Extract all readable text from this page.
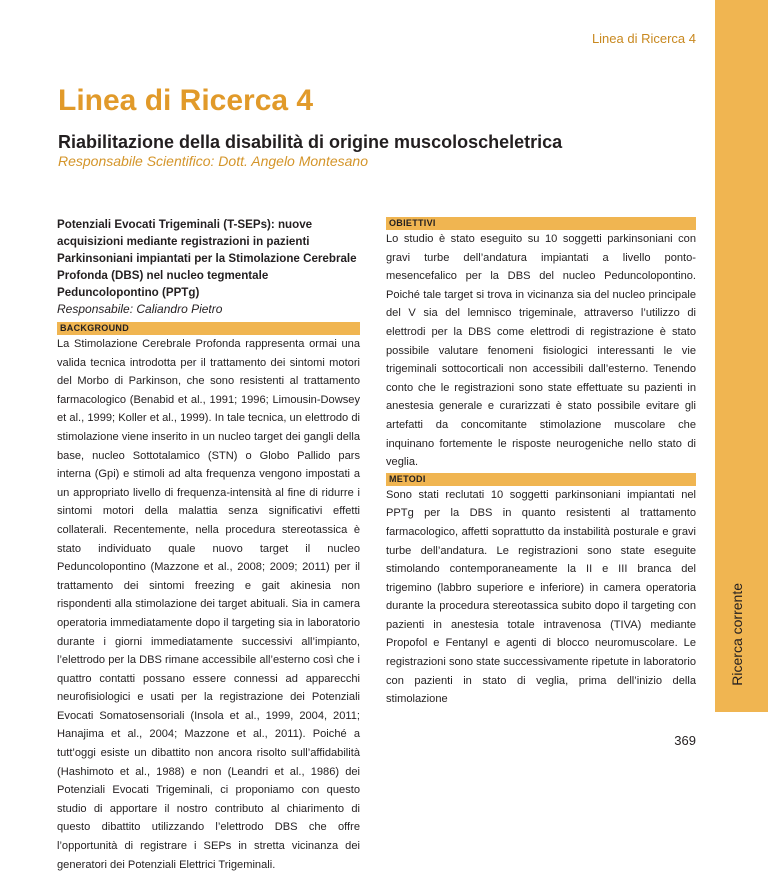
Ricerca corrente
Linea di Ricerca 4
Linea di Ricerca 4
Riabilitazione della disabilità di origine muscoloscheletrica
Responsabile Scientifico: Dott. Angelo Montesano

Potenziali Evocati Trigeminali (T-SEPs): nuove acquisizioni mediante registrazioni in pazienti Parkinsoniani impiantati per la Stimolazione Cerebrale Profonda (DBS) nel nucleo tegmentale Peduncolopontino (PPTg)

Responsabile: Caliandro Pietro

BACKGROUND

La Stimolazione Cerebrale Profonda rappresenta ormai una valida tecnica introdotta per il trattamento dei sintomi motori del Morbo di Parkinson, che sono resistenti al trattamento farmacologico (Benabid et al., 1991; 1996; Limousin-Dowsey et al., 1999; Koller et al., 1999). In tale tecnica, un elettrodo di stimolazione viene inserito in un nucleo target dei gangli della base, nucleo Sottotalamico (STN) o Globo Pallido pars interna (Gpi) e stimoli ad alta frequenza vengono impostati a un appropriato livello di frequenza-intensità al fine di ridurre i sintomi motori della malattia senza significativi effetti collaterali. Recentemente, nella procedura stereotassica è stato individuato quale nuovo target il nucleo Peduncolopontino (Mazzone et al., 2008; 2009; 2011) per il trattamento dei sintomi freezing e gait akinesia non rispondenti alla stimolazione dei target abituali. Sia in camera operatoria immediatamente dopo il targeting sia in laboratorio durante i giorni immediatamente successivi all’impianto, l’elettrodo per la DBS rimane accessibile all’esterno così che i quattro contatti possano essere connessi ad apparecchi neurofisiologici e usati per la registrazione dei Potenziali Evocati Somatosensoriali (Insola et al., 1999, 2004, 2011; Hanajima et al., 2004; Mazzone et al., 2011). Poiché a tutt’oggi esiste un dibattito non ancora risolto sull’affidabilità (Hashimoto et al., 1988) e non (Leandri et al., 1986) dei Potenziali Evocati Trigeminali, ci proponiamo con questo studio di apportare il nostro contributo al chiarimento di questo dibattito utilizzando l’elettrodo DBS che offre l’opportunità di registrare i SEPs in stretta vicinanza dei generatori dei Potenziali Elettrici Trigeminali.

OBIETTIVI

Lo studio è stato eseguito su 10 soggetti parkinsoniani con gravi turbe dell’andatura impiantati a livello ponto-mesencefalico per la DBS del nucleo Peduncolopontino. Poiché tale target si trova in vicinanza sia del nucleo principale del V sia del lemnisco trigeminale, attraverso l’utilizzo di elettrodi per la DBS come elettrodi di registrazione è stato possibile valutare fenomeni fisiologici interessanti le vie trigeminali sottocorticali non accessibili dall’esterno. Tenendo conto che le registrazioni sono state effettuate su pazienti in anestesia generale e curarizzati è stato possibile evitare gli artefatti da concomitante stimolazione muscolare che inquinano fortemente le risposte neurogeniche nello stato di veglia.

METODI

Sono stati reclutati 10 soggetti parkinsoniani impiantati nel PPTg per la DBS in quanto resistenti al trattamento farmacologico, affetti soprattutto da instabilità posturale e gravi turbe dell’andatura. Le registrazioni sono state eseguite stimolando contemporaneamente la II e III branca del trigemino (labbro superiore e inferiore) in camera operatoria durante la procedura stereotassica subito dopo il targeting con pazienti in anestesia totale intravenosa (TIVA) mediante Propofol e Fentanyl e agenti di blocco neuromuscolare. Le registrazioni sono state successivamente ripetute in laboratorio con pazienti in stato di veglia, prima dell’inizio della stimolazione

369
